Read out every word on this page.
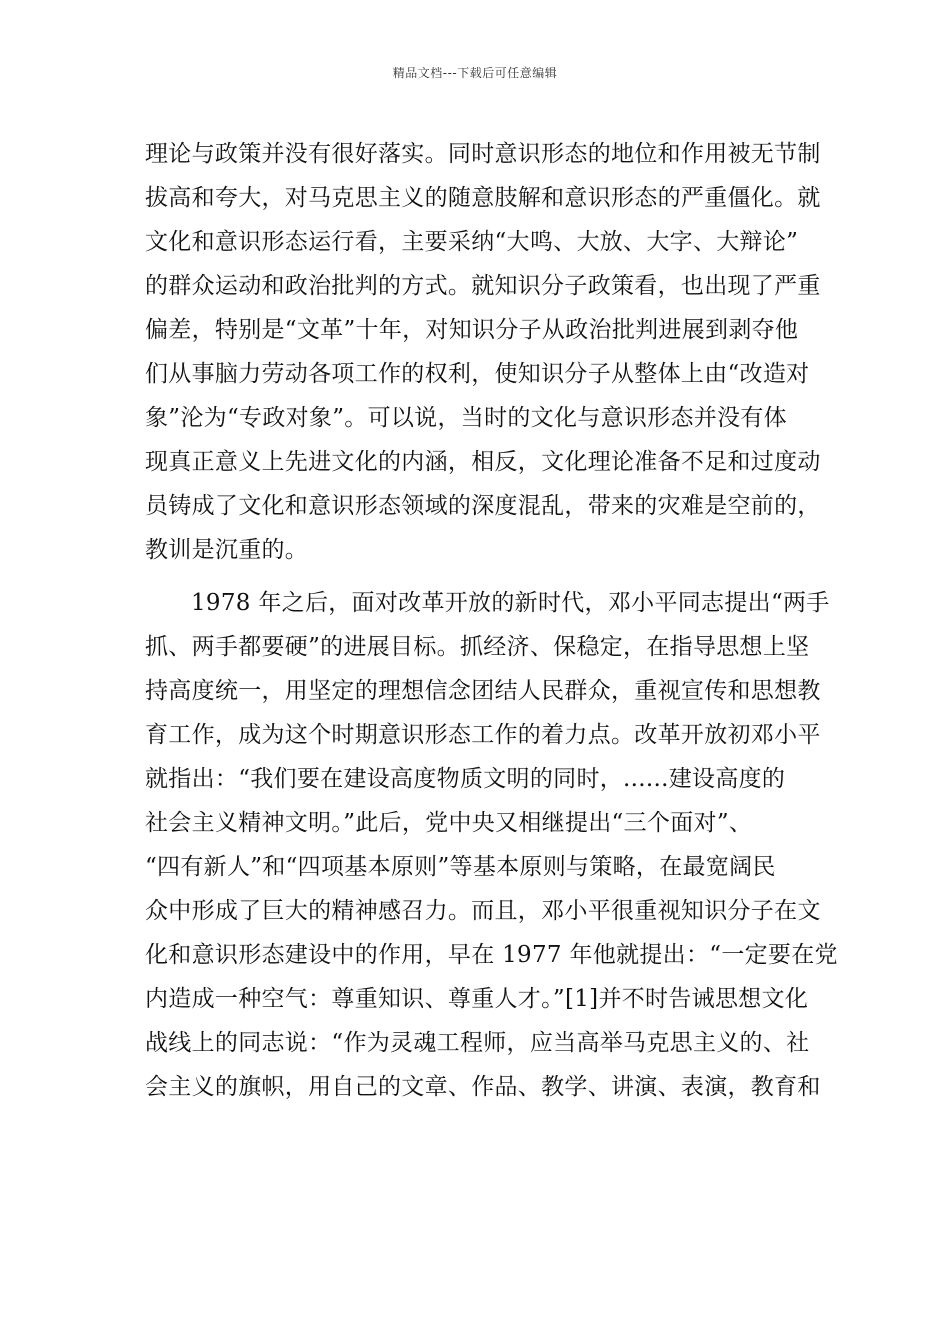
精品文档---下载后可任意编辑
理论与政策并没有很好落实。同时意识形态的地位和作用被无节制
拔高和夸大，对马克思主义的随意肢解和意识形态的严重僵化。就
文化和意识形态运行看，主要采纳“大鸣、大放、大字、大辩论”
的群众运动和政治批判的方式。就知识分子政策看，也出现了严重
偏差，特别是“文革”十年，对知识分子从政治批判进展到剥夺他
们从事脑力劳动各项工作的权利，使知识分子从整体上由“改造对
象”沦为“专政对象”。可以说，当时的文化与意识形态并没有体
现真正意义上先进文化的内涵，相反，文化理论准备不足和过度动
员铸成了文化和意识形态领域的深度混乱，带来的灾难是空前的，
教训是沉重的。
1978 年之后，面对改革开放的新时代，邓小平同志提出“两手
抓、两手都要硬”的进展目标。抓经济、保稳定，在指导思想上坚
持高度统一，用坚定的理想信念团结人民群众，重视宣传和思想教
育工作，成为这个时期意识形态工作的着力点。改革开放初邓小平
就指出：“我们要在建设高度物质文明的同时，......建设高度的
社会主义精神文明。”此后，党中央又相继提出“三个面对”、
“四有新人”和“四项基本原则”等基本原则与策略，在最宽阔民
众中形成了巨大的精神感召力。而且，邓小平很重视知识分子在文
化和意识形态建设中的作用，早在 1977 年他就提出：“一定要在党
内造成一种空气：尊重知识、尊重人才。”[1]并不时告诫思想文化
战线上的同志说：“作为灵魂工程师，应当高举马克思主义的、社
会主义的旗帜，用自己的文章、作品、教学、讲演、表演，教育和
